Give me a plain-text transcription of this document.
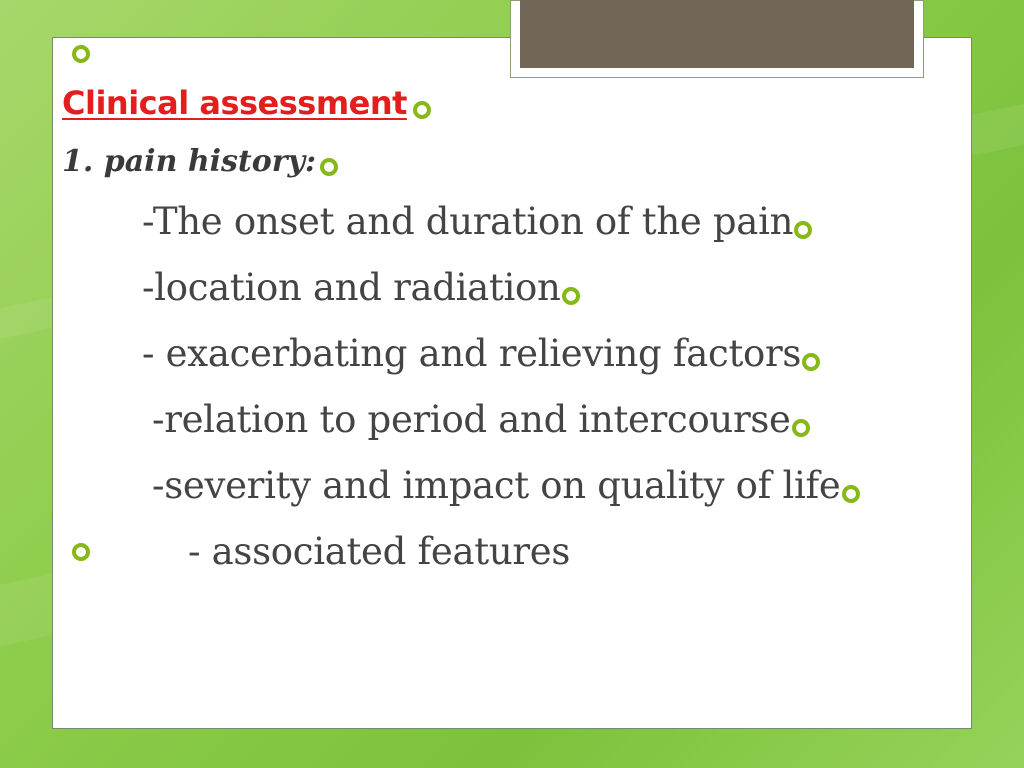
Clinical assessment
1. pain history:
-The onset and duration of the pain
-location and radiation
- exacerbating and relieving factors
-relation to period and intercourse
-severity and impact on quality of life
- associated features
